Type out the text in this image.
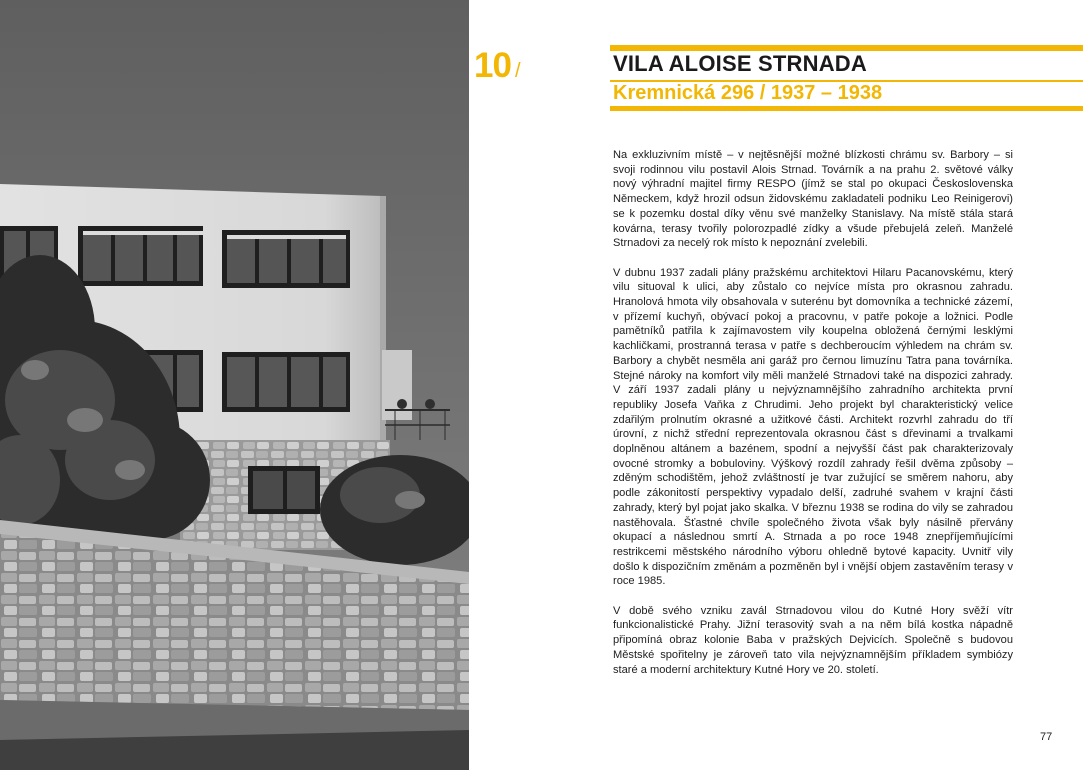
10 /	VILA ALOISE STRNADA
Kremnická 296 / 1937 – 1938

Na exkluzivním místě – v nejtěsnější možné blízkosti chrámu sv. Barbory – si svoji rodinnou vilu postavil Alois Strnad. Továrník a na prahu 2. světové války nový výhradní majitel firmy RESPO (jímž se stal po okupaci Československa Německem, když hrozil odsun židovskému zakladateli podniku Leo Reinigerovi) se k pozemku dostal díky věnu své manželky Stanislavy. Na místě stála stará kovárna, terasy tvořily polorozpadlé zídky a všude přebujelá zeleň. Manželé Strnadovi za necelý rok místo k nepoznání zvelebili.

V dubnu 1937 zadali plány pražskému architektovi Hilaru Pacanovskému, který vilu situoval k ulici, aby zůstalo co nejvíce místa pro okrasnou zahradu. Hranolová hmota vily obsahovala v suterénu byt domovníka a technické zázemí, v přízemí kuchyň, obývací pokoj a pracovnu, v patře pokoje a ložnici. Podle pamětníků patřila k zajímavostem vily koupelna obložená černými lesklými kachličkami, prostranná terasa v patře s dechberoucím výhledem na chrám sv. Barbory a chybět nesměla ani garáž pro černou limuzínu Tatra pana továrníka. Stejné nároky na komfort vily měli manželé Strnadovi také na dispozici zahrady. V září 1937 zadali plány u nejvýznamnějšího zahradního architekta první republiky Josefa Vaňka z Chrudimi. Jeho projekt byl charakteristický velice zdařilým prolnutím okrasné a užitkové části. Architekt rozvrhl zahradu do tří úrovní, z nichž střední reprezentovala okrasnou část s dřevinami a trvalkami doplněnou altánem a bazénem, spodní a nejvyšší část pak charakterizovaly ovocné stromky a bobuloviny. Výškový rozdíl zahrady řešil dvěma způsoby – zděným schodištěm, jehož zvláštností je tvar zužující se směrem nahoru, aby podle zákonitostí perspektivy vypadalo delší, zadruhé svahem v krajní části zahrady, který byl pojat jako skalka. V březnu 1938 se rodina do vily se zahradou nastěhovala. Šťastné chvíle společného života však byly násilně přervány okupací a následnou smrtí A. Strnada a po roce 1948 znepříjemňujícími restrikcemi městského národního výboru ohledně bytové kapacity. Uvnitř vily došlo k dispozičním změnám a pozměněn byl i vnější objem zastavěním terasy v roce 1985.

V době svého vzniku zavál Strnadovou vilou do Kutné Hory svěží vítr funkcionalistické Prahy. Jižní terasovitý svah a na něm bílá kostka nápadně připomíná obraz kolonie Baba v pražských Dejvicích. Společně s budovou Městské spořitelny je zároveň tato vila nejvýznamnějším příkladem symbiózy staré a moderní architektury Kutné Hory ve 20. století.

77
